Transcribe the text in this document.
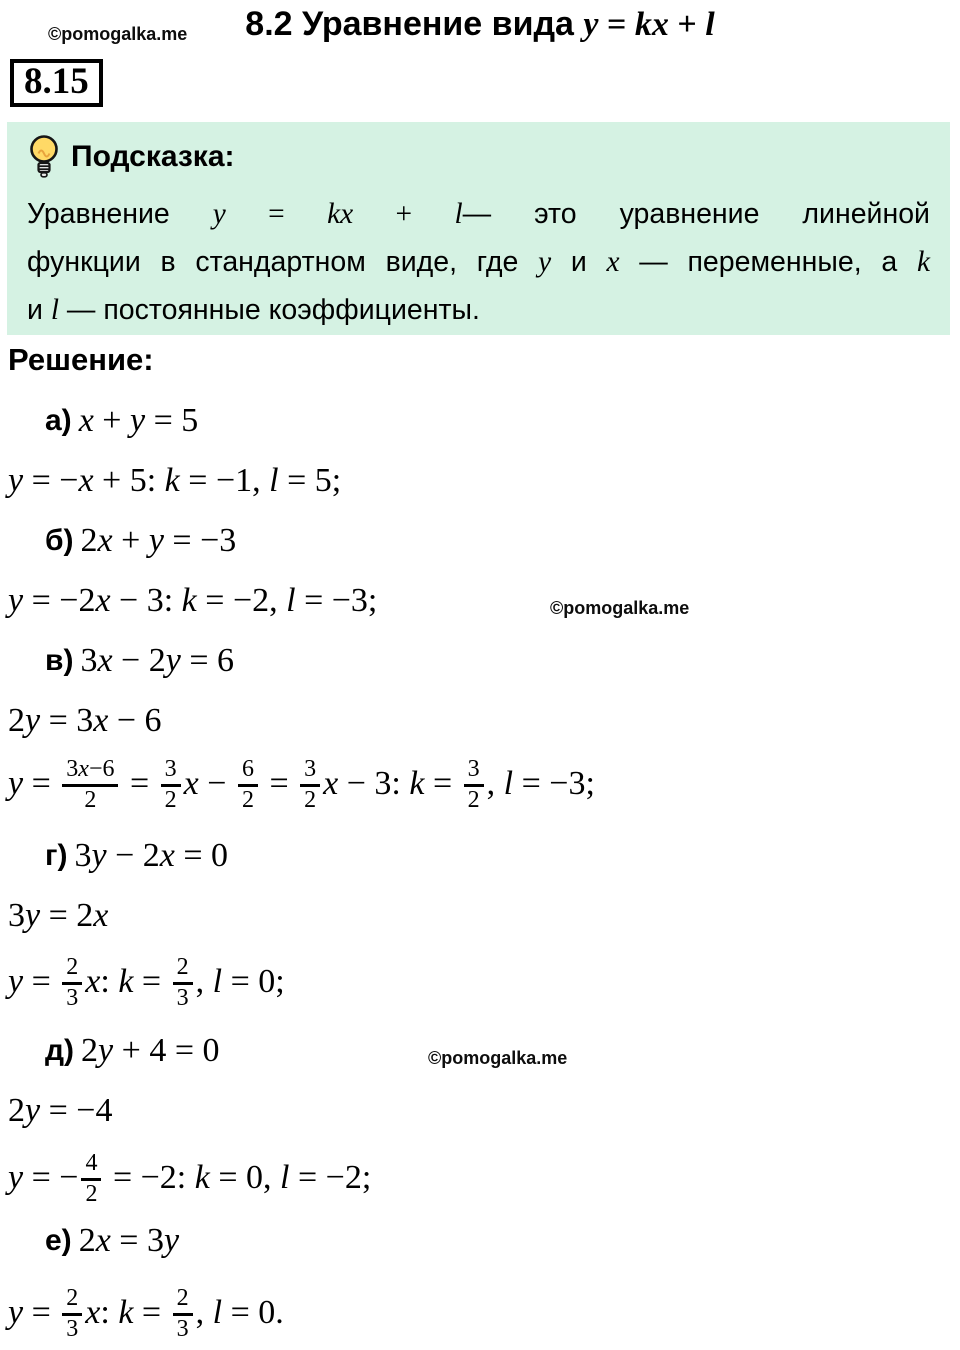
©pomogalka.me	8.2 Уравнение вида y = kx + l
8.15
Подсказка:
Уравнение y = kx + l— это уравнение линейной
функции в стандартном виде, где y и x — переменные, а k
и l — постоянные коэффициенты.
Решение:
а) x + y = 5
y = −x + 5: k = −1, l = 5;
б) 2x + y = −3
y = −2x − 3: k = −2, l = −3;
в) 3x − 2y = 6
2y = 3x − 6
$y = \frac{3x-6}{2} = \frac{3}{2}$ $x - \frac{6}{2} = \frac{3}{2}$ x − 3: $k = \frac{3}{2}$ , l = −3;
г) 3y − 2x = 0
3y = 2x
$y = \frac{2}{3} x$: $k = \frac{2}{3}$ , l = 0;
д) 2y + 4 = 0
2y = −4
y = − $\frac{4}{2} = -2$: k = 0, l = −2;
е) 2x = 3y
$y = \frac{2}{3} x$: $k = \frac{2}{3}$ , l = 0.
©pomogalka.me
©pomogalka.me
